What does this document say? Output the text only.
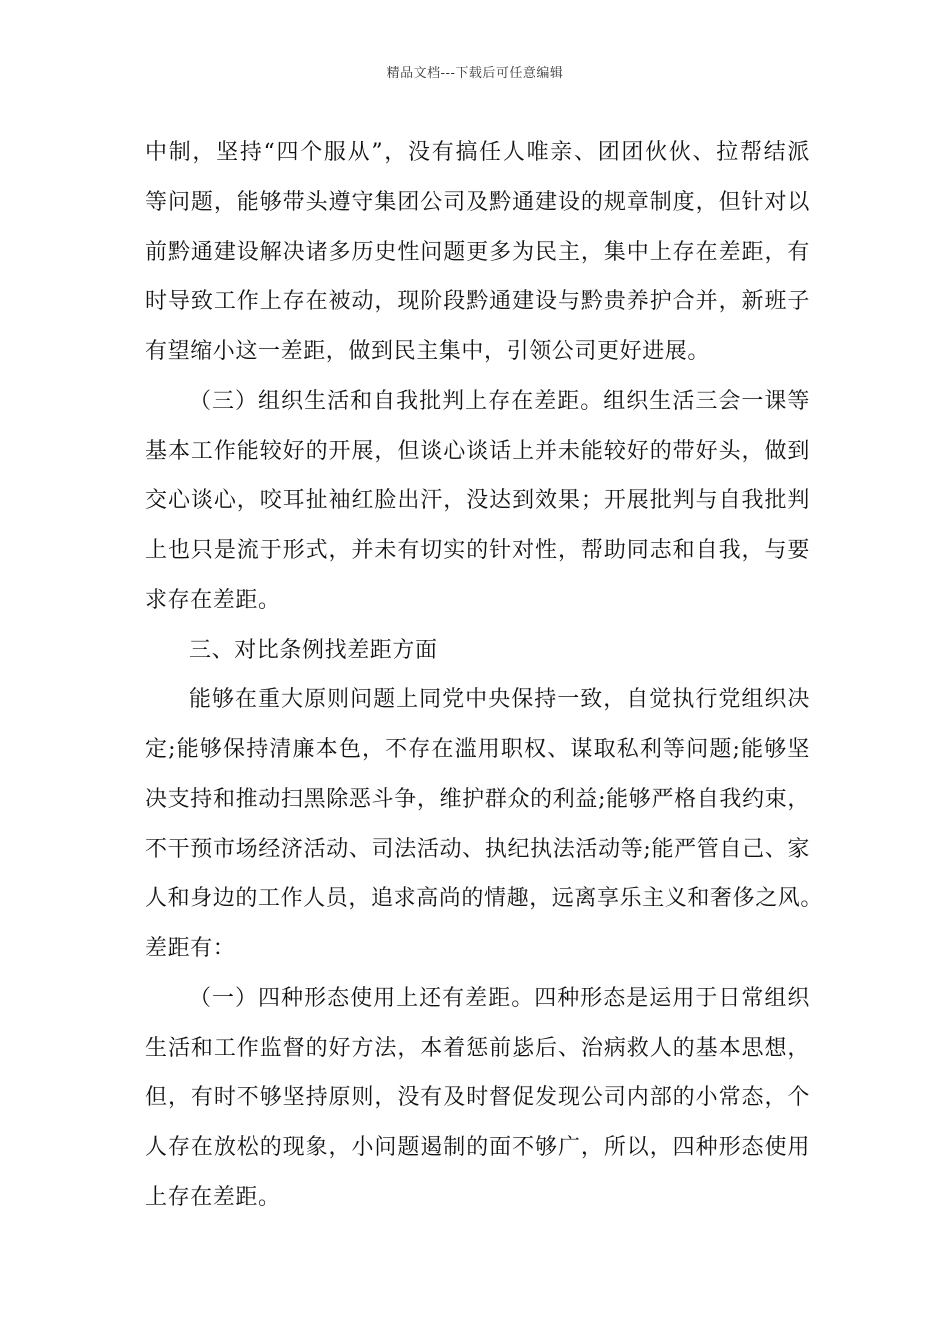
精品文档---下载后可任意编辑
中制，坚持“四个服从”，没有搞任人唯亲、团团伙伙、拉帮结派
等问题，能够带头遵守集团公司及黔通建设的规章制度，但针对以
前黔通建设解决诸多历史性问题更多为民主，集中上存在差距，有
时导致工作上存在被动，现阶段黔通建设与黔贵养护合并，新班子
有望缩小这一差距，做到民主集中，引领公司更好进展。
（三）组织生活和自我批判上存在差距。组织生活三会一课等
基本工作能较好的开展，但谈心谈话上并未能较好的带好头，做到
交心谈心，咬耳扯袖红脸出汗，没达到效果；开展批判与自我批判
上也只是流于形式，并未有切实的针对性，帮助同志和自我，与要
求存在差距。
三、对比条例找差距方面
能够在重大原则问题上同党中央保持一致，自觉执行党组织决
定;能够保持清廉本色，不存在滥用职权、谋取私利等问题;能够坚
决支持和推动扫黑除恶斗争，维护群众的利益;能够严格自我约束，
不干预市场经济活动、司法活动、执纪执法活动等;能严管自己、家
人和身边的工作人员，追求高尚的情趣，远离享乐主义和奢侈之风。
差距有：
（一）四种形态使用上还有差距。四种形态是运用于日常组织
生活和工作监督的好方法，本着惩前毖后、治病救人的基本思想，
但，有时不够坚持原则，没有及时督促发现公司内部的小常态，个
人存在放松的现象，小问题遏制的面不够广，所以，四种形态使用
上存在差距。
